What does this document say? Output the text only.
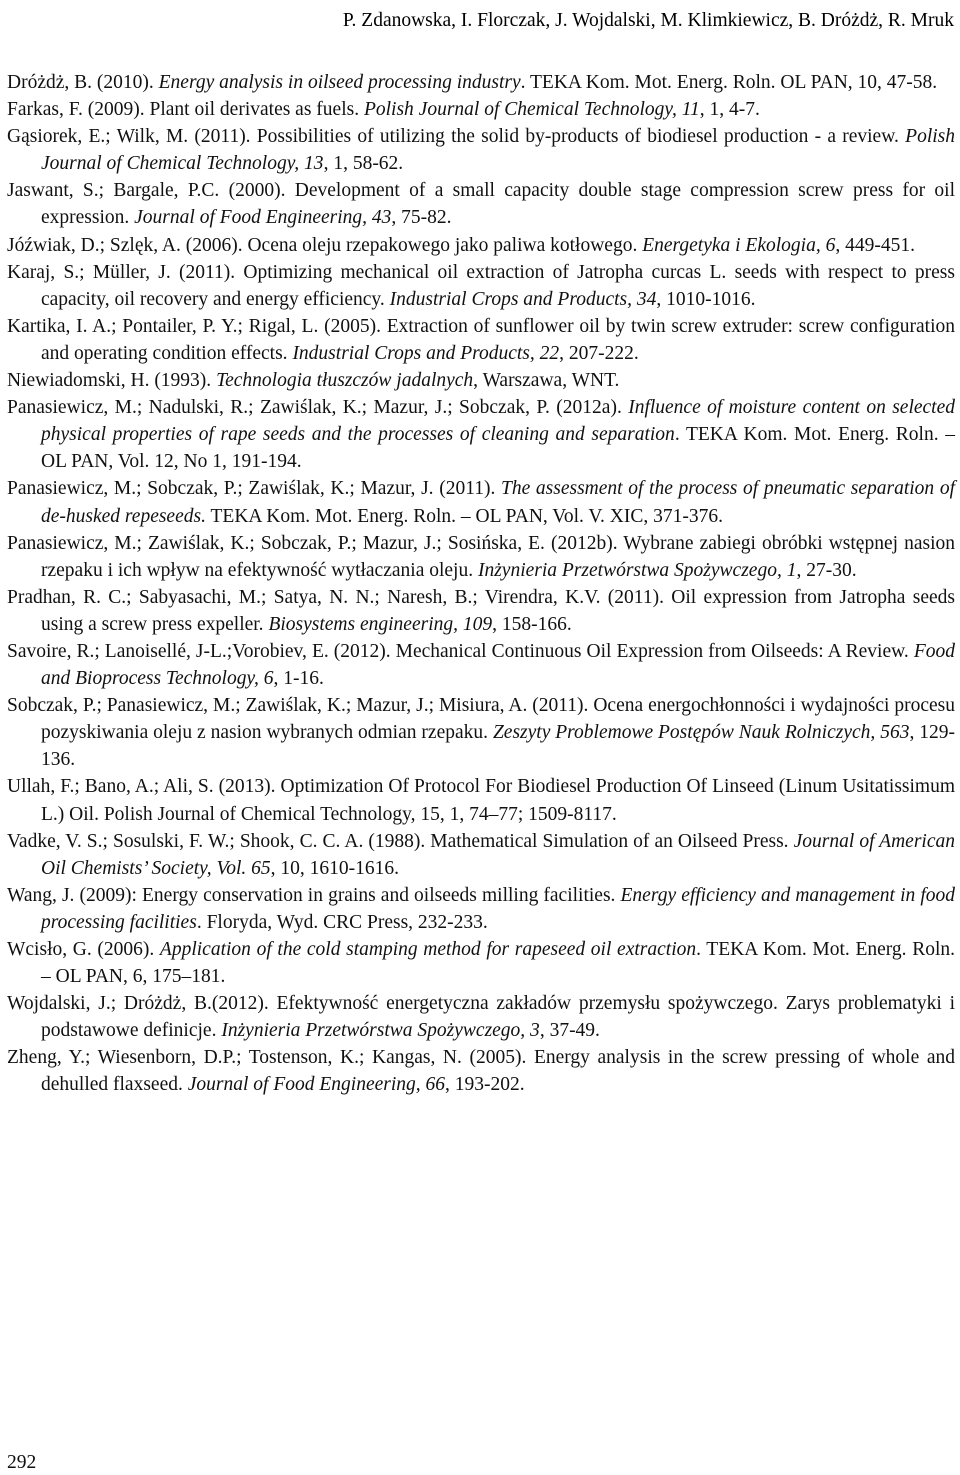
P. Zdanowska, I. Florczak, J. Wojdalski, M. Klimkiewicz, B. Dróżdż, R. Mruk

Dróżdż, B. (2010). Energy analysis in oilseed processing industry. TEKA Kom. Mot. Energ. Roln. OL PAN, 10, 47-58.

Farkas, F. (2009). Plant oil derivates as fuels. Polish Journal of Chemical Technology, 11, 1, 4-7.

Gąsiorek, E.; Wilk, M. (2011). Possibilities of utilizing the solid by-products of biodiesel production - a review. Polish Journal of Chemical Technology, 13, 1, 58-62.

Jaswant, S.; Bargale, P.C. (2000). Development of a small capacity double stage compression screw press for oil expression. Journal of Food Engineering, 43, 75-82.

Jóźwiak, D.; Szlęk, A. (2006). Ocena oleju rzepakowego jako paliwa kotłowego. Energetyka i Ekologia, 6, 449-451.

Karaj, S.; Müller, J. (2011). Optimizing mechanical oil extraction of Jatropha curcas L. seeds with respect to press capacity, oil recovery and energy efficiency. Industrial Crops and Products, 34, 1010-1016.

Kartika, I. A.; Pontailer, P. Y.; Rigal, L. (2005). Extraction of sunflower oil by twin screw extruder: screw configuration and operating condition effects. Industrial Crops and Products, 22, 207-222.

Niewiadomski, H. (1993). Technologia tłuszczów jadalnych, Warszawa, WNT.

Panasiewicz, M.; Nadulski, R.; Zawiślak, K.; Mazur, J.; Sobczak, P. (2012a). Influence of moisture content on selected physical properties of rape seeds and the processes of cleaning and separation. TEKA Kom. Mot. Energ. Roln. – OL PAN, Vol. 12, No 1, 191-194.

Panasiewicz, M.; Sobczak, P.; Zawiślak, K.; Mazur, J. (2011). The assessment of the process of pneumatic separation of de-husked repeseeds. TEKA Kom. Mot. Energ. Roln. – OL PAN, Vol. V. XIC, 371-376.

Panasiewicz, M.; Zawiślak, K.; Sobczak, P.; Mazur, J.; Sosińska, E. (2012b). Wybrane zabiegi obróbki wstępnej nasion rzepaku i ich wpływ na efektywność wytłaczania oleju. Inżynieria Przetwórstwa Spożywczego, 1, 27-30.

Pradhan, R. C.; Sabyasachi, M.; Satya, N. N.; Naresh, B.; Virendra, K.V. (2011). Oil expression from Jatropha seeds using a screw press expeller. Biosystems engineering, 109, 158-166.

Savoire, R.; Lanoisellé, J-L.;Vorobiev, E. (2012). Mechanical Continuous Oil Expression from Oilseeds: A Review. Food and Bioprocess Technology, 6, 1-16.

Sobczak, P.; Panasiewicz, M.; Zawiślak, K.; Mazur, J.; Misiura, A. (2011). Ocena energochłonności i wydajności procesu pozyskiwania oleju z nasion wybranych odmian rzepaku. Zeszyty Problemowe Postępów Nauk Rolniczych, 563, 129-136.

Ullah, F.; Bano, A.; Ali, S. (2013). Optimization Of Protocol For Biodiesel Production Of Linseed (Linum Usitatissimum L.) Oil. Polish Journal of Chemical Technology, 15, 1, 74–77; 1509-8117.

Vadke, V. S.; Sosulski, F. W.; Shook, C. C. A. (1988). Mathematical Simulation of an Oilseed Press. Journal of American Oil Chemists’ Society, Vol. 65, 10, 1610-1616.

Wang, J. (2009): Energy conservation in grains and oilseeds milling facilities. Energy efficiency and management in food processing facilities. Floryda, Wyd. CRC Press, 232-233.

Wcisło, G. (2006). Application of the cold stamping method for rapeseed oil extraction. TEKA Kom. Mot. Energ. Roln. – OL PAN, 6, 175–181.

Wojdalski, J.; Dróżdż, B.(2012). Efektywność energetyczna zakładów przemysłu spożywczego. Zarys problematyki i podstawowe definicje. Inżynieria Przetwórstwa Spożywczego, 3, 37-49.

Zheng, Y.; Wiesenborn, D.P.; Tostenson, K.; Kangas, N. (2005). Energy analysis in the screw pressing of whole and dehulled flaxseed. Journal of Food Engineering, 66, 193-202.

292
